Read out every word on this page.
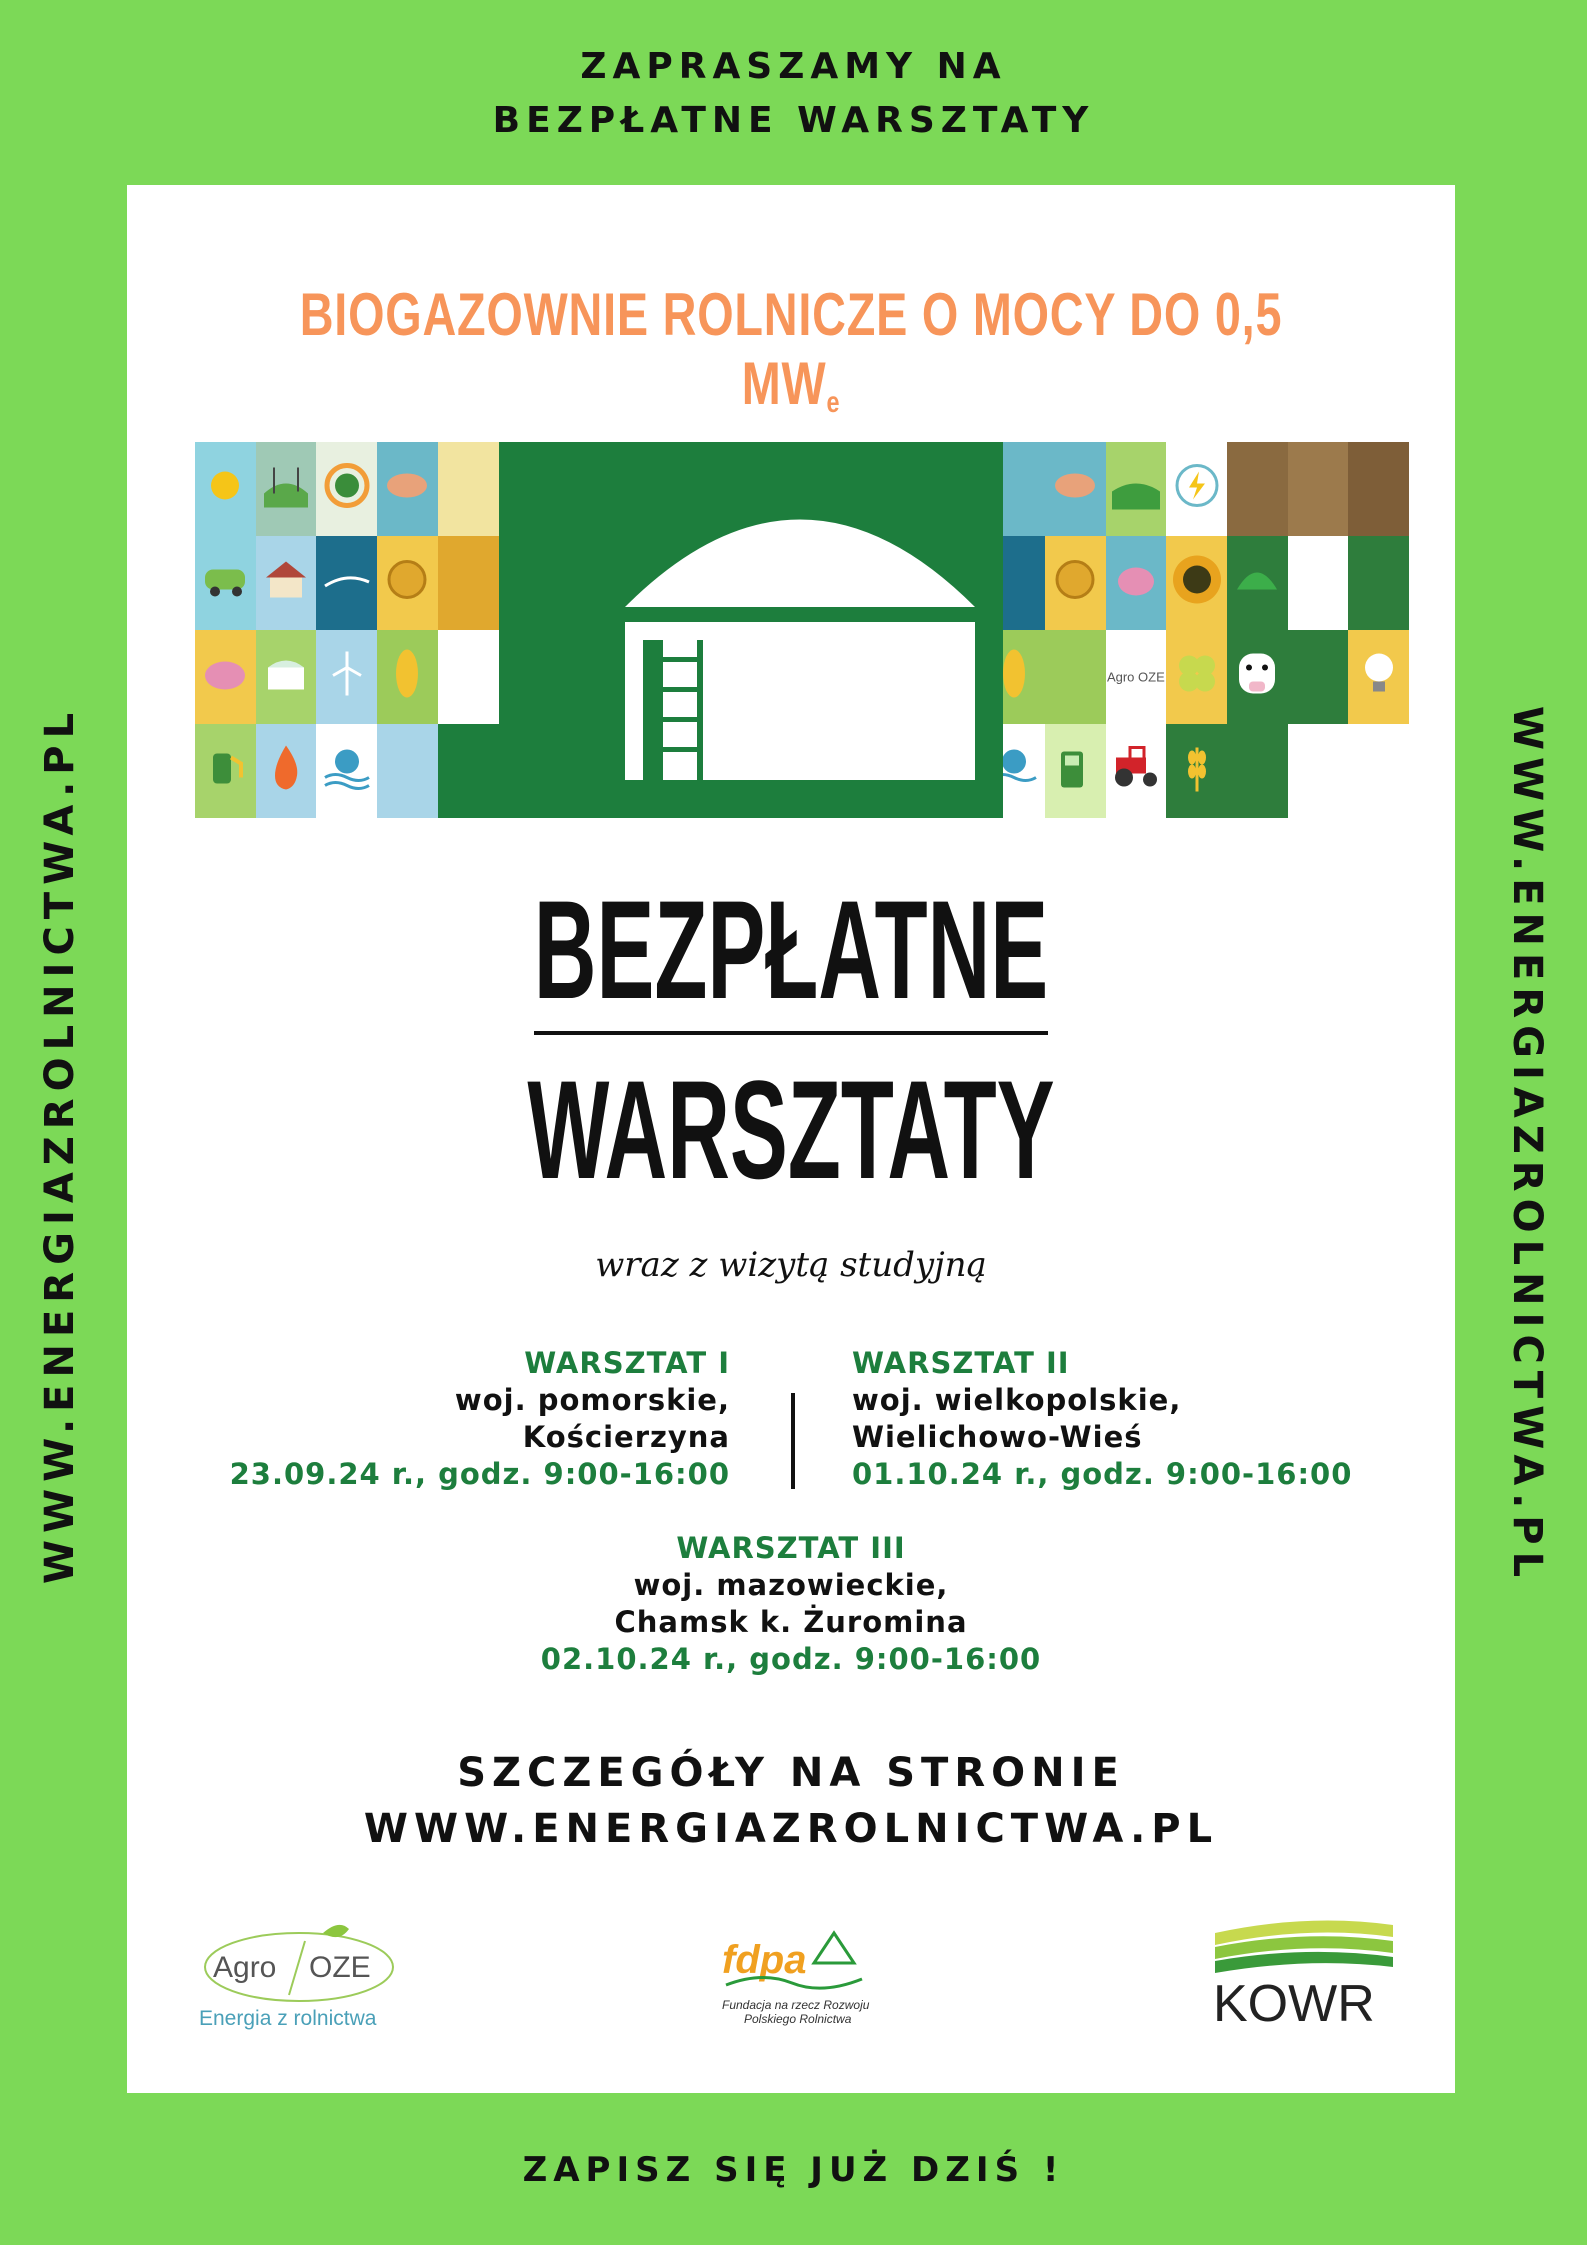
ZAPRASZAMY NA
BEZPŁATNE WARSZTATY
WWW.ENERGIAZROLNICTWA.PL	WWW.ENERGIAZROLNICTWA.PL
BIOGAZOWNIE ROLNICZE O MOCY DO 0,5 $MW_e$
Agro OZE
BEZPŁATNE
WARSZTATY
wraz z wizytą studyjną
WARSZTAT I
woj. pomorskie,
Kościerzyna
23.09.24 r., godz. 9:00-16:00
WARSZTAT II
woj. wielkopolskie,
Wielichowo-Wieś
01.10.24 r., godz. 9:00-16:00
WARSZTAT III
woj. mazowieckie,
Chamsk k. Żuromina
02.10.24 r., godz. 9:00-16:00
SZCZEGÓŁY NA STRONIE
WWW.ENERGIAZROLNICTWA.PL
Agro OZE
Energia z rolnictwa
fdpa
Fundacja na rzecz Rozwoju
Polskiego Rolnictwa	KOWR
ZAPISZ SIĘ JUŻ DZIŚ !
